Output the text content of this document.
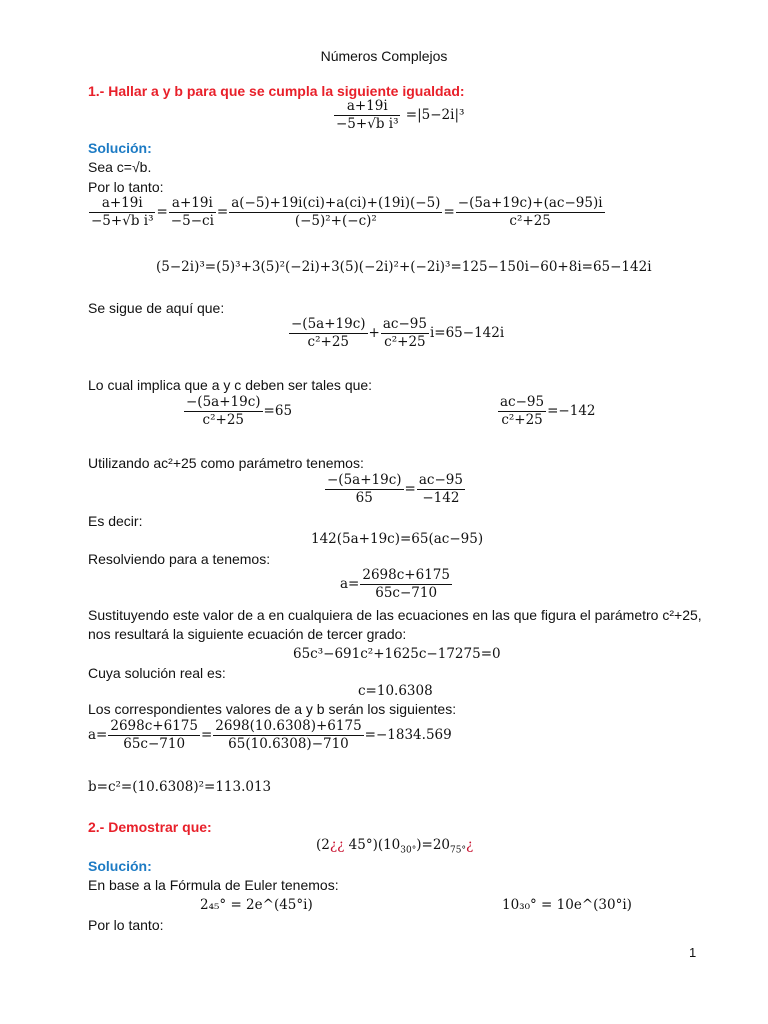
Números Complejos
1.- Hallar a y b para que se cumpla la siguiente igualdad:
$\frac{a+19i}{\text{−5+√b i³}} =|5-2i|^3$
Solución:
Sea c=√b.
Por lo tanto:
$\frac{a+19i}{\text{−5+√b i³}} = \frac{a+19i}{-5-ci} = \frac{a(-5)+19i(ci)+a(ci)+(19i)(-5)}{\text{(−5)²+(−c)²}} = \frac{-(5a+19c)+(ac-95)i}{\text{c²+25}}$
(5−2i)³=(5)³+3(5)²(−2i)+3(5)(−2i)²+(−2i)³=125−150i−60+8i=65−142i
Se sigue de aquí que:
$\frac{-(5a+19c)}{\text{c²+25}} + \frac{ac-95}{\text{c²+25}} i=65-142i$
Lo cual implica que a y c deben ser tales que:
$\frac{-(5a+19c)}{\text{c²+25}} =65$	$\frac{ac-95}{\text{c²+25}} =-142$
Utilizando ac²+25 como parámetro tenemos:
$\frac{-(5a+19c)}{65} = \frac{ac-95}{-142}$
Es decir:
142(5a+19c)=65(ac−95)
Resolviendo para a tenemos:
$a= \frac{2698c+6175}{65c-710}$
Sustituyendo este valor de a en cualquiera de las ecuaciones en las que figura el parámetro c²+25,
nos resultará la siguiente ecuación de tercer grado:
65c³−691c²+1625c−17275=0
Cuya solución real es:
c=10.6308
Los correspondientes valores de a y b serán los siguientes:
$a= \frac{2698c+6175}{65c-710} = \frac{2698(10.6308)+6175}{65(10.6308)-710} =-1834.569$
b=c²=(10.6308)²=113.013
2.- Demostrar que:
(2¿¿ $45^\circ)(10_{30^\circ})=20_{75^\circ}¿$
Solución:
En base a la Fórmula de Euler tenemos:
2₄₅° = 2e^(45°i)	10₃₀° = 10e^(30°i)
Por lo tanto:
1
